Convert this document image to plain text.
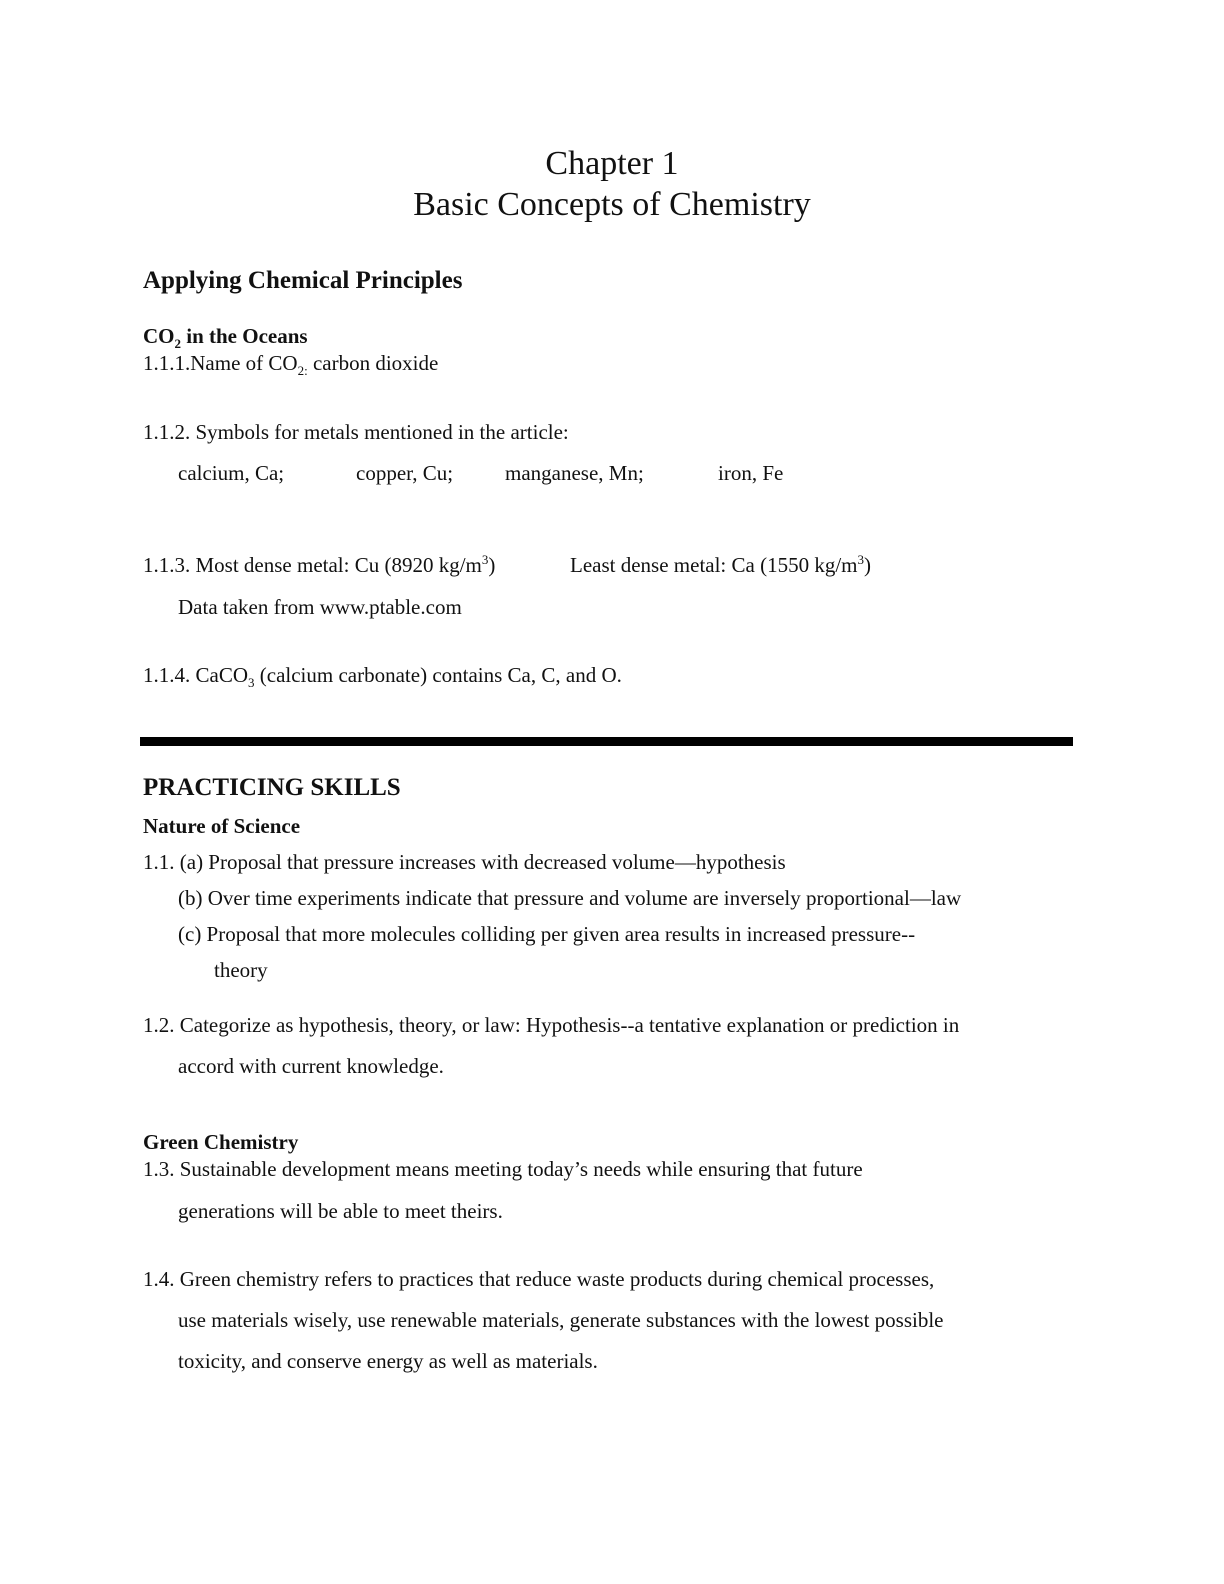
Chapter 1
Basic Concepts of Chemistry
Applying Chemical Principles
$CO_2$ in the Oceans
1.1.1.Name of $CO_{2:}$ carbon dioxide
1.1.2. Symbols for metals mentioned in the article:
calcium, Ca;	copper, Cu; manganese, Mn;	iron, Fe
1.1.3. Most dense metal: Cu (8920 $kg/m^3$)	Least dense metal: Ca (1550 $kg/m^3$)
Data taken from www.ptable.com
1.1.4. CaCO$_3$ (calcium carbonate) contains Ca, C, and O.
PRACTICING SKILLS
Nature of Science
1.1. (a) Proposal that pressure increases with decreased volume—hypothesis
(b) Over time experiments indicate that pressure and volume are inversely proportional—law
(c) Proposal that more molecules colliding per given area results in increased pressure--
theory
1.2. Categorize as hypothesis, theory, or law: Hypothesis--a tentative explanation or prediction in
accord with current knowledge.
Green Chemistry
1.3. Sustainable development means meeting today’s needs while ensuring that future
generations will be able to meet theirs.
1.4. Green chemistry refers to practices that reduce waste products during chemical processes,
use materials wisely, use renewable materials, generate substances with the lowest possible
toxicity, and conserve energy as well as materials.
